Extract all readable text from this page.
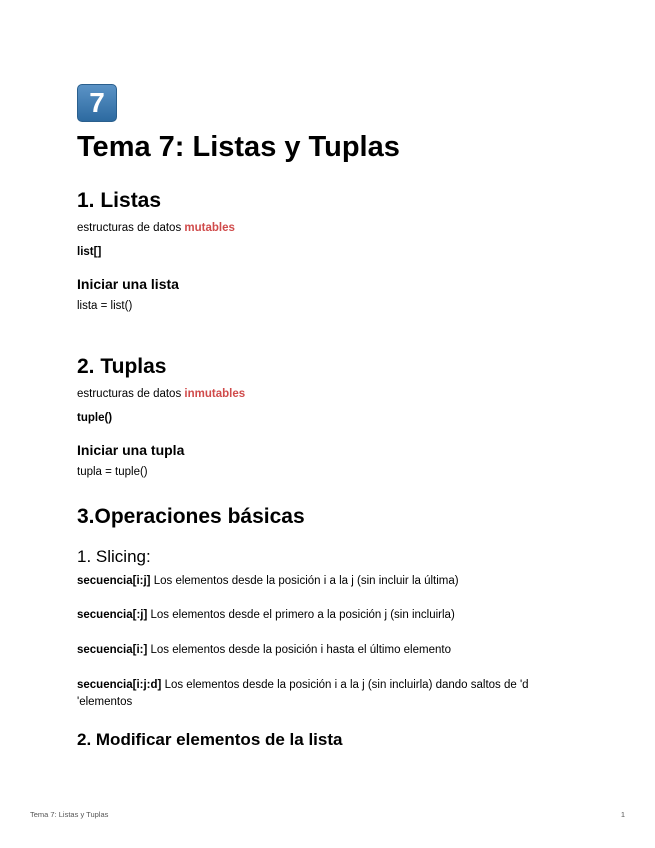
7
Tema 7: Listas y Tuplas
1. Listas

estructuras de datos mutables

list[]

Iniciar una lista

lista = list()

2. Tuplas

estructuras de datos inmutables

tuple()

Iniciar una tupla

tupla = tuple()

3.Operaciones básicas
1. Slicing:

secuencia[i:j] Los elementos desde la posición i a la j (sin incluir la última)

secuencia[:j] Los elementos desde el primero a la posición j (sin incluirla)

secuencia[i:] Los elementos desde la posición i hasta el último elemento

secuencia[i:j:d] Los elementos desde la posición i a la j (sin incluirla) dando saltos de 'd

'elementos

2. Modificar elementos de la lista
Tema 7: Listas y Tuplas	1
